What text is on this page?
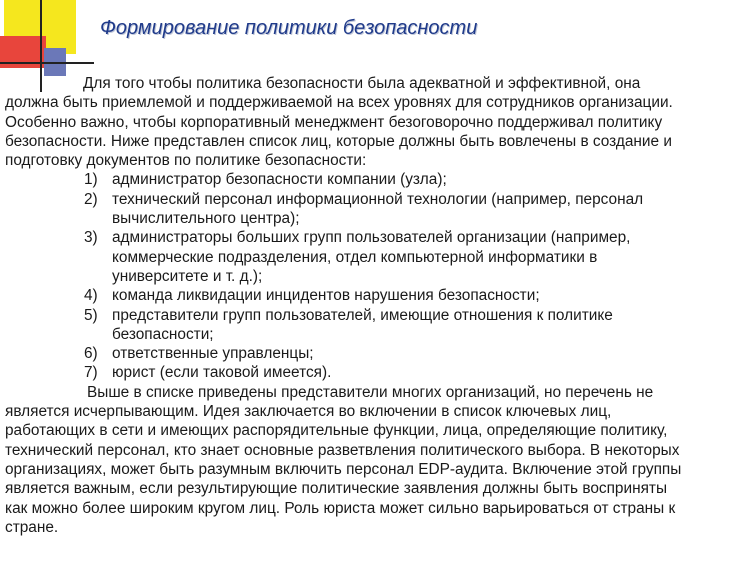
Формирование политики безопасности
Для того чтобы политика безопасности была адекватной и эффективной, она
должна быть приемлемой и поддерживаемой на всех уровнях для сотрудников организации.
Особенно важно, чтобы корпоративный менеджмент безоговорочно поддерживал политику
безопасности. Ниже представлен список лиц, которые должны быть вовлечены в создание и
подготовку документов по политике безопасности:
1) администратор безопасности компании (узла);
2) технический персонал информационной технологии (например, персонал
вычислительного центра);
3) администраторы больших групп пользователей организации (например,
коммерческие подразделения, отдел компьютерной информатики в
университете и т. д.);
4) команда ликвидации инцидентов нарушения безопасности;
5) представители групп пользователей, имеющие отношения к политике
безопасности;
6) ответственные управленцы;
7) юрист (если таковой имеется).
Выше в списке приведены представители многих организаций, но перечень не
является исчерпывающим. Идея заключается во включении в список ключевых лиц,
работающих в сети и имеющих распорядительные функции, лица, определяющие политику,
технический персонал, кто знает основные разветвления политического выбора. В некоторых
организациях, может быть разумным включить персонал EDP-аудита. Включение этой группы
является важным, если результирующие политические заявления должны быть восприняты
как можно более широким кругом лиц. Роль юриста может сильно варьироваться от страны к
стране.
